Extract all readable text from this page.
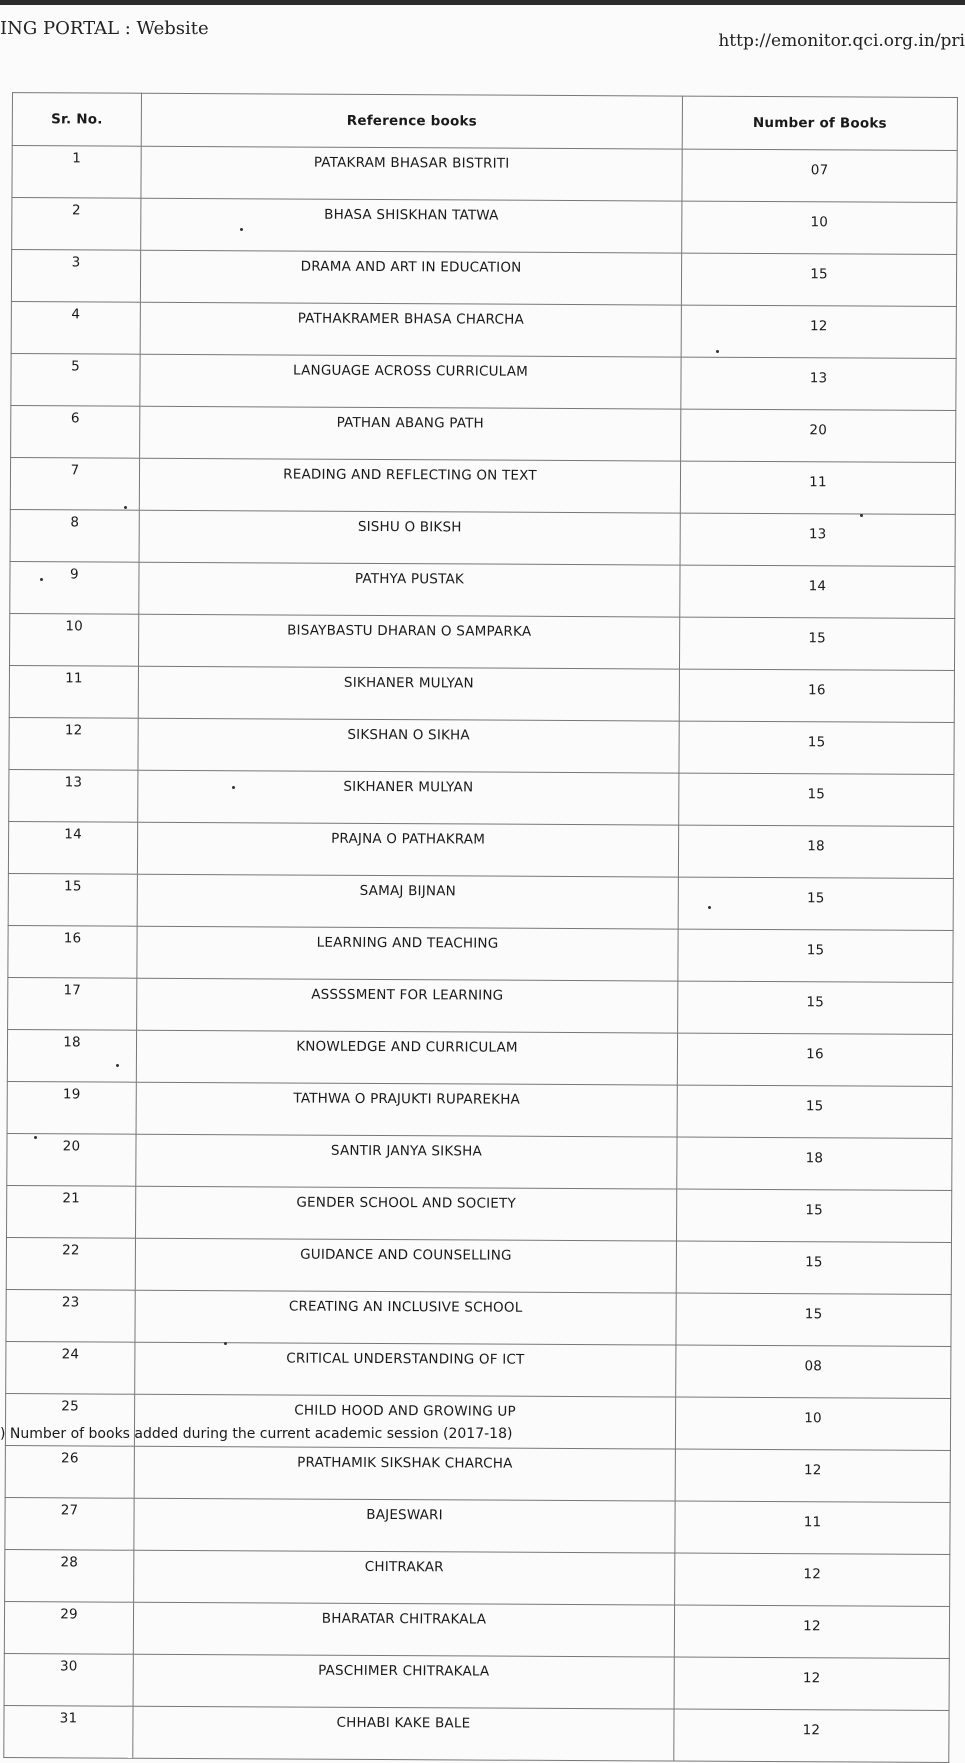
ING PORTAL : Website
http://emonitor.qci.org.in/pri
Sr. No.	Reference books	Number of Books
1	PATAKRAM BHASAR BISTRITI	07
2	BHASA SHISKHAN TATWA	10
3	DRAMA AND ART IN EDUCATION	15
4	PATHAKRAMER BHASA CHARCHA	12
5	LANGUAGE ACROSS CURRICULAM	13
6	PATHAN ABANG PATH	20
7	READING AND REFLECTING ON TEXT	11
8	SISHU O BIKSH	13
9	PATHYA PUSTAK	14
10	BISAYBASTU DHARAN O SAMPARKA	15
11	SIKHANER MULYAN	16
12	SIKSHAN O SIKHA	15
13	SIKHANER MULYAN	15
14	PRAJNA O PATHAKRAM	18
15	SAMAJ BIJNAN	15
16	LEARNING AND TEACHING	15
17	ASSSSMENT FOR LEARNING	15
18	KNOWLEDGE AND CURRICULAM	16
19	TATHWA O PRAJUKTI RUPAREKHA	15
20	SANTIR JANYA SIKSHA	18
21	GENDER SCHOOL AND SOCIETY	15
22	GUIDANCE AND COUNSELLING	15
23	CREATING AN INCLUSIVE SCHOOL	15
24	CRITICAL UNDERSTANDING OF ICT	08
25	CHILD HOOD AND GROWING UP	10
26	PRATHAMIK SIKSHAK CHARCHA	12
27	BAJESWARI	11
28	CHITRAKAR	12
29	BHARATAR CHITRAKALA	12
30	PASCHIMER CHITRAKALA	12
31	CHHABI KAKE BALE	12
) Number of books added during the current academic session (2017-18)
